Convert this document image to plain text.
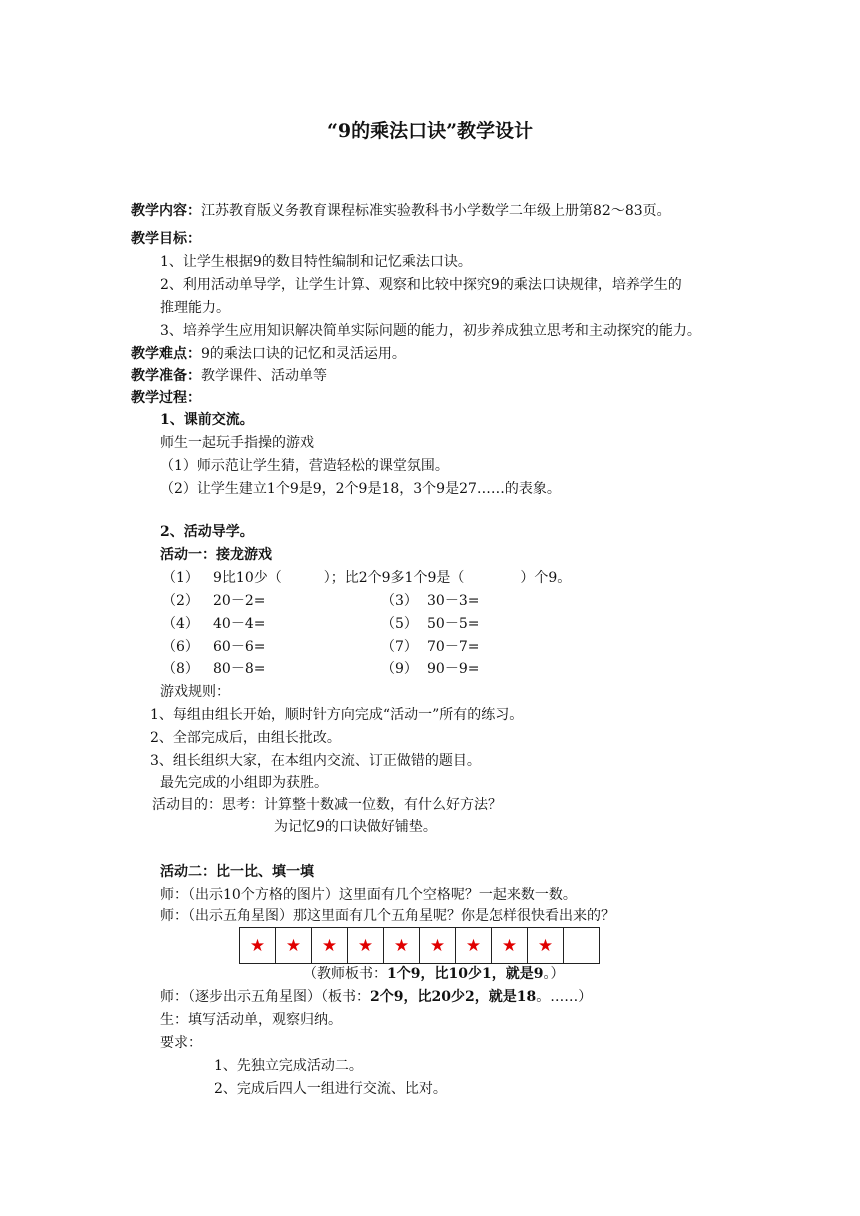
“9的乘法口诀”教学设计
教学内容：江苏教育版义务教育课程标准实验教科书小学数学二年级上册第82～83页。
教学目标：
1、让学生根据9的数目特性编制和记忆乘法口诀。
2、利用活动单导学，让学生计算、观察和比较中探究9的乘法口诀规律，培养学生的
推理能力。
3、培养学生应用知识解决简单实际问题的能力，初步养成独立思考和主动探究的能力。
教学难点：9的乘法口诀的记忆和灵活运用。
教学准备：教学课件、活动单等
教学过程：
1、课前交流。
师生一起玩手指操的游戏
（1）师示范让学生猜，营造轻松的课堂氛围。
（2）让学生建立1个9是9，2个9是18，3个9是27……的表象。
2、活动导学。
活动一：接龙游戏
（1） 9比10少（　　　）；比2个9多1个9是（　　　　）个9。
（2） 20－2=	（3） 30－3=
（4） 40－4=	（5） 50－5=
（6） 60－6=	（7） 70－7=
（8） 80－8=	（9） 90－9=
游戏规则：
1、每组由组长开始，顺时针方向完成“活动一”所有的练习。
2、全部完成后，由组长批改。
3、组长组织大家，在本组内交流、订正做错的题目。
最先完成的小组即为获胜。
活动目的：思考：计算整十数减一位数，有什么好方法？
为记忆9的口诀做好铺垫。
活动二：比一比、填一填
师：（出示10个方格的图片）这里面有几个空格呢？一起来数一数。
师：（出示五角星图）那这里面有几个五角星呢？你是怎样很快看出来的？
★	★	★	★	★	★	★	★	★	
（教师板书：1个9，比10少1，就是9。）
师：（逐步出示五角星图）（板书：2个9，比20少2，就是18。……）
生：填写活动单，观察归纳。
要求：
1、先独立完成活动二。
2、完成后四人一组进行交流、比对。
